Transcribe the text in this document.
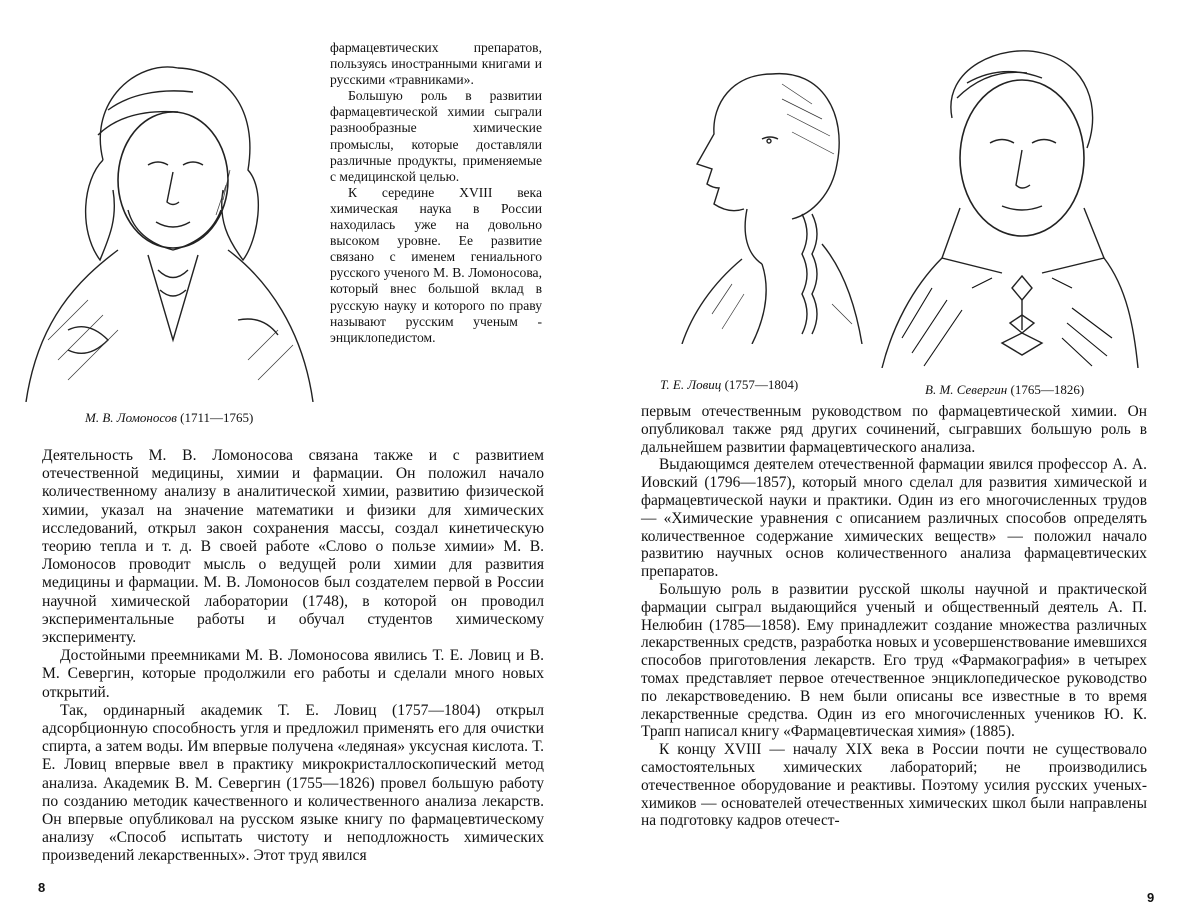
М. В. Ломоносов (1711—1765)

фармацевтических препаратов, пользуясь иностранными книгами и русскими «травниками».

Большую роль в развитии фармацевтической химии сыграли разнообразные химические промыслы, которые доставляли различные продукты, применяемые с медицинской целью.

К середине XVIII века химическая наука в России находилась уже на довольно высоком уровне. Ее развитие связано с именем гениального русского ученого М. В. Ломоносова, который внес большой вклад в русскую науку и которого по праву называют русским ученым - энциклопедистом.

Деятельность М. В. Ломоносова связана также и с развитием отечественной медицины, химии и фармации. Он положил начало количественному анализу в аналитической химии, развитию физической химии, указал на значение математики и физики для химических исследований, открыл закон сохранения массы, создал кинетическую теорию тепла и т. д. В своей работе «Слово о пользе химии» М. В. Ломоносов проводит мысль о ведущей роли химии для развития медицины и фармации. М. В. Ломоносов был создателем первой в России научной химической лаборатории (1748), в которой он проводил экспериментальные работы и обучал студентов химическому эксперименту.

Достойными преемниками М. В. Ломоносова явились Т. Е. Ловиц и В. М. Севергин, которые продолжили его работы и сделали много новых открытий.

Так, ординарный академик Т. Е. Ловиц (1757—1804) открыл адсорбционную способность угля и предложил применять его для очистки спирта, а затем воды. Им впервые получена «ледяная» уксусная кислота. Т. Е. Ловиц впервые ввел в практику микрокристаллоскопический метод анализа. Академик В. М. Севергин (1755—1826) провел большую работу по созданию методик качественного и количественного анализа лекарств. Он впервые опубликовал на русском языке книгу по фармацевтическому анализу «Способ испытать чистоту и неподложность химических произведений лекарственных». Этот труд явился

8
Т. Е. Ловиц (1757—1804)	В. М. Севергин (1765—1826)

первым отечественным руководством по фармацевтической химии. Он опубликовал также ряд других сочинений, сыгравших большую роль в дальнейшем развитии фармацевтического анализа.

Выдающимся деятелем отечественной фармации явился профессор А. А. Иовский (1796—1857), который много сделал для развития химической и фармацевтической науки и практики. Один из его многочисленных трудов — «Химические уравнения с описанием различных способов определять количественное содержание химических веществ» — положил начало развитию научных основ количественного анализа фармацевтических препаратов.

Большую роль в развитии русской школы научной и практической фармации сыграл выдающийся ученый и общественный деятель А. П. Нелюбин (1785—1858). Ему принадлежит создание множества различных лекарственных средств, разработка новых и усовершенствование имевшихся способов приготовления лекарств. Его труд «Фармакография» в четырех томах представляет первое отечественное энциклопедическое руководство по лекарствоведению. В нем были описаны все известные в то время лекарственные средства. Один из его многочисленных учеников Ю. К. Трапп написал книгу «Фармацевтическая химия» (1885).

К концу XVIII — началу XIX века в России почти не существовало самостоятельных химических лабораторий; не производились отечественное оборудование и реактивы. Поэтому усилия русских ученых-химиков — основателей отечественных химических школ были направлены на подготовку кадров отечест-

9
